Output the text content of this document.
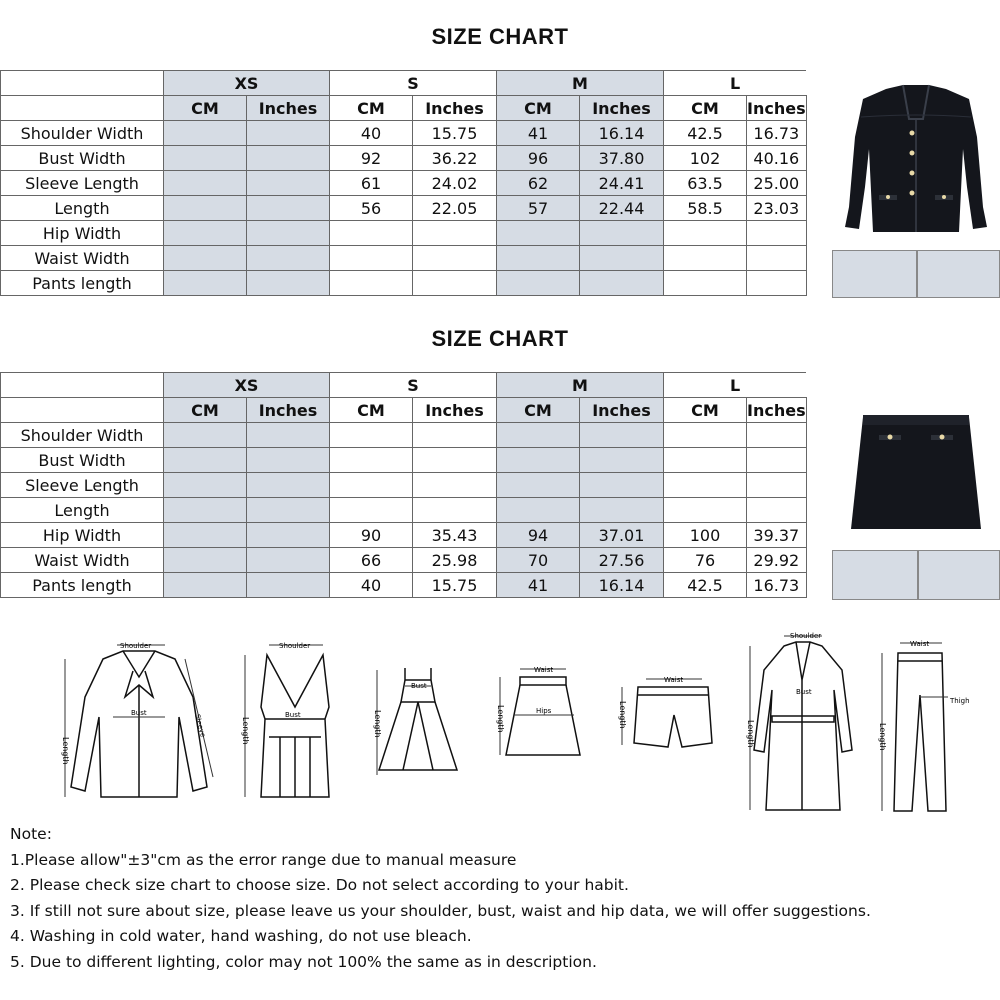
SIZE CHART
	XS		S		M		L	
	CM	Inches	CM	Inches	CM	Inches	CM	Inches
Shoulder Width			40	15.75	41	16.14	42.5	16.73
Bust Width			92	36.22	96	37.80	102	40.16
Sleeve Length			61	24.02	62	24.41	63.5	25.00
Length			56	22.05	57	22.44	58.5	23.03
Hip Width								
Waist Width								
Pants length								
SIZE CHART
	XS		S		M		L	
	CM	Inches	CM	Inches	CM	Inches	CM	Inches
Shoulder Width								
Bust Width								
Sleeve Length								
Length								
Hip Width			90	35.43	94	37.01	100	39.37
Waist Width			66	25.98	70	27.56	76	29.92
Pants length			40	15.75	41	16.14	42.5	16.73
Shoulder
Length
Bust
Sleeve
Shoulder
Length
Bust	Length
Bust
Waist
Length	Hips
Waist
Length
Shoulder
Length
Bust
Waist
Length
Thigh
Note:
1.Please allow"±3"cm as the error range due to manual measure
2. Please check size chart to choose size. Do not select according to your habit.
3. If still not sure about size, please leave us your shoulder, bust, waist and hip data, we will offer suggestions.
4. Washing in cold water, hand washing, do not use bleach.
5. Due to different lighting, color may not 100% the same as in description.
